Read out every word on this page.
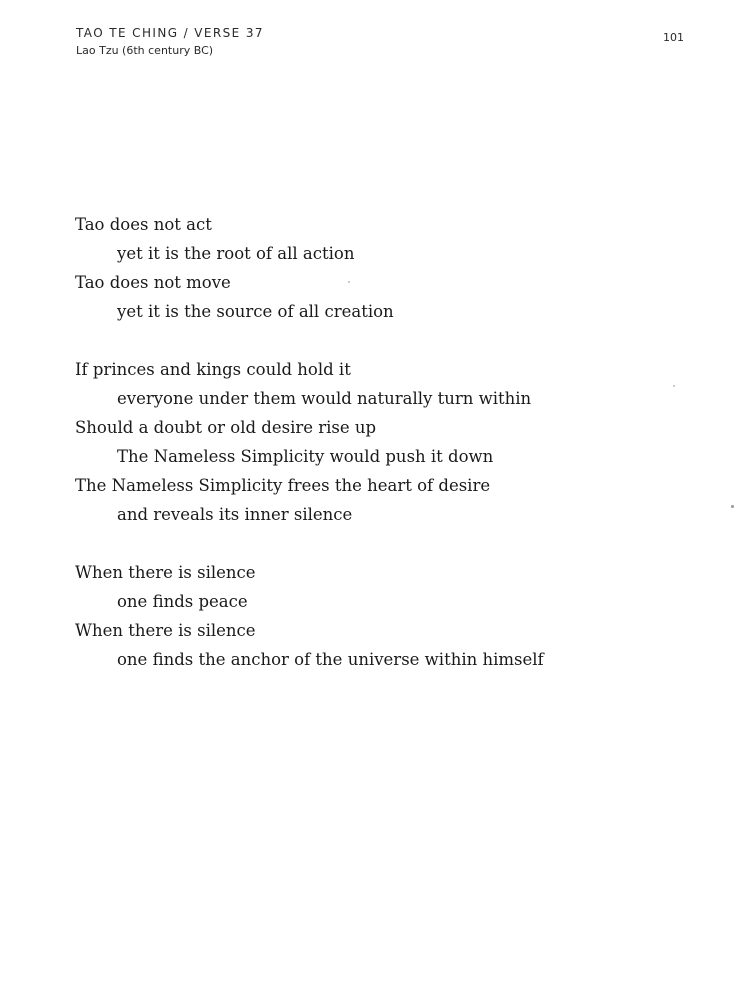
TAO TE CHING / VERSE 37
Lao Tzu (6th century BC)
101
Tao does not act
yet it is the root of all action
Tao does not move
yet it is the source of all creation
If princes and kings could hold it
everyone under them would naturally turn within
Should a doubt or old desire rise up
The Nameless Simplicity would push it down
The Nameless Simplicity frees the heart of desire
and reveals its inner silence
When there is silence
one finds peace
When there is silence
one finds the anchor of the universe within himself
